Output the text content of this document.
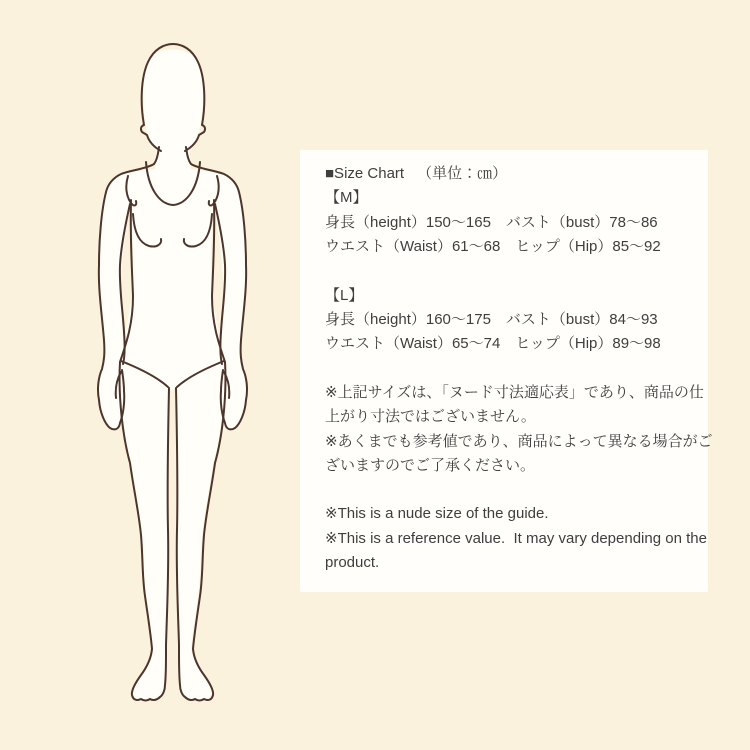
■Size Chart （単位：㎝）
【M】
身長（height）150〜165　バスト（bust）78〜86
ウエスト（Waist）61〜68　ヒップ（Hip）85〜92
【L】
身長（height）160〜175　バスト（bust）84〜93
ウエスト（Waist）65〜74　ヒップ（Hip）89〜98
※上記サイズは、「ヌード寸法適応表」であり、商品の仕
上がり寸法ではございません。
※あくまでも参考値であり、商品によって異なる場合がご
ざいますのでご了承ください。
※This is a nude size of the guide.
※This is a reference value.  It may vary depending on the
product.
